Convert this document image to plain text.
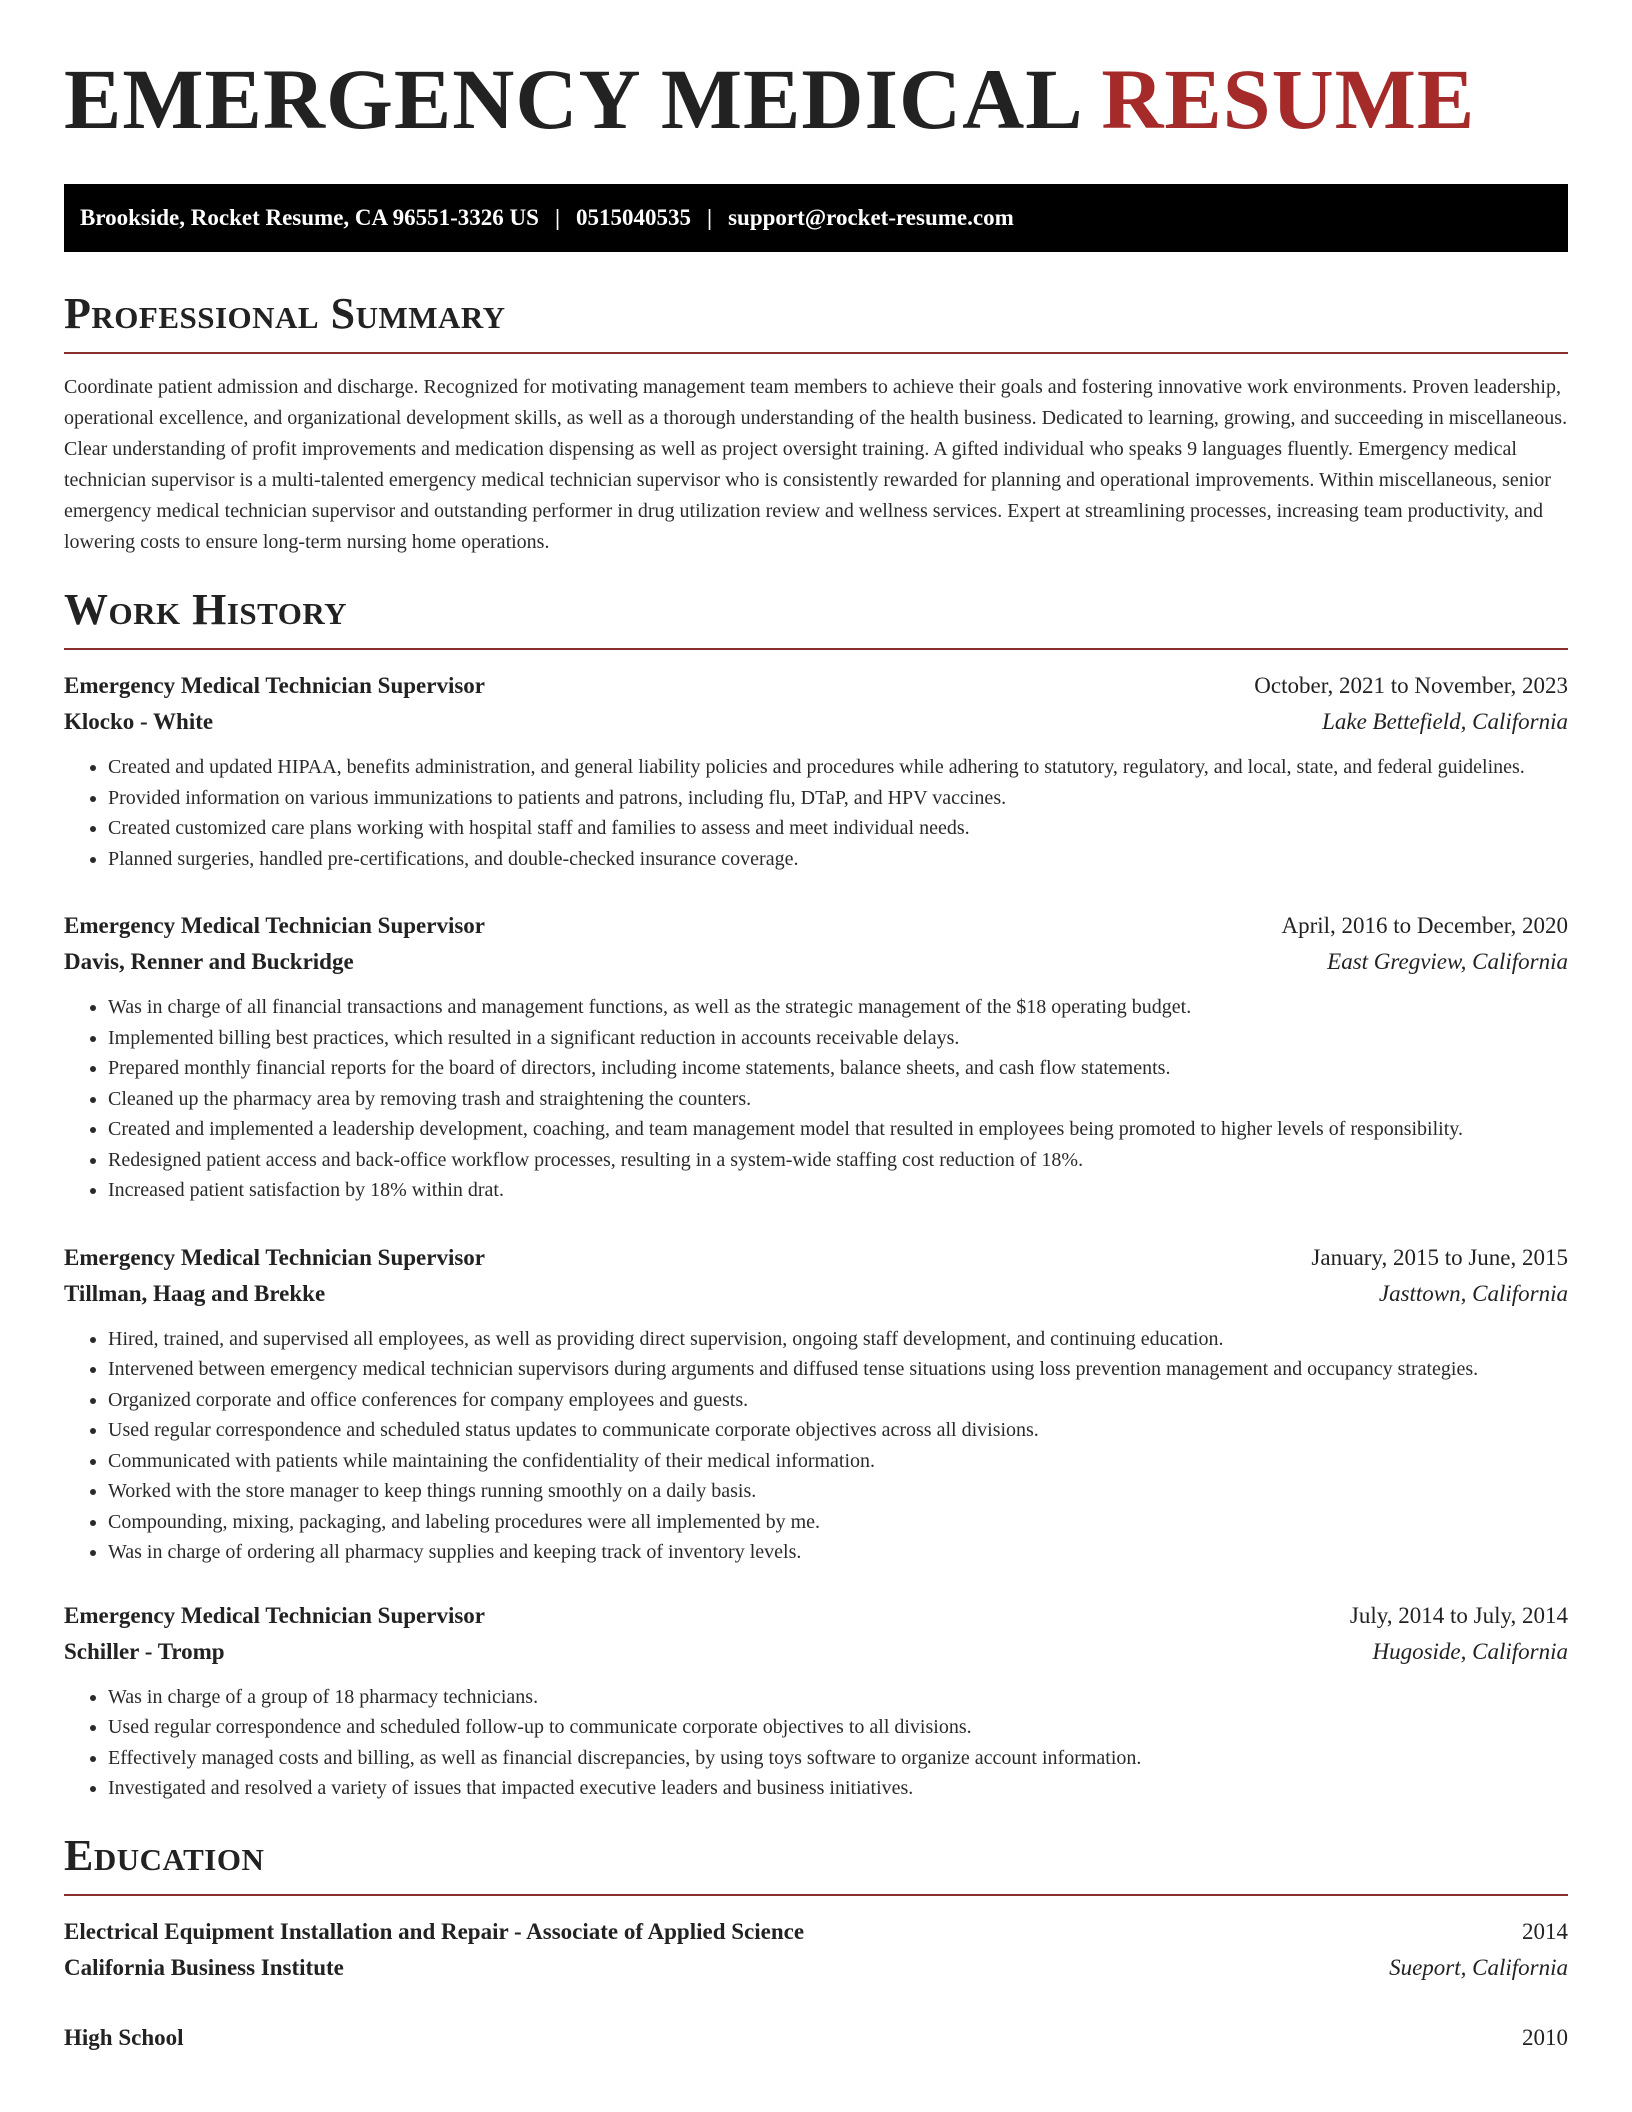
EMERGENCY MEDICAL RESUME
Brookside, Rocket Resume, CA 96551-3326 US | 0515040535 | support@rocket-resume.com
Professional Summary

Coordinate patient admission and discharge. Recognized for motivating management team members to achieve their goals and fostering innovative work environments. Proven leadership, operational excellence, and organizational development skills, as well as a thorough understanding of the health business. Dedicated to learning, growing, and succeeding in miscellaneous. Clear understanding of profit improvements and medication dispensing as well as project oversight training. A gifted individual who speaks 9 languages fluently. Emergency medical technician supervisor is a multi-talented emergency medical technician supervisor who is consistently rewarded for planning and operational improvements. Within miscellaneous, senior emergency medical technician supervisor and outstanding performer in drug utilization review and wellness services. Expert at streamlining processes, increasing team productivity, and lowering costs to ensure long-term nursing home operations.

Work History
Emergency Medical Technician Supervisor	October, 2021 to November, 2023
Klocko - White	Lake Bettefield, California
• Created and updated HIPAA, benefits administration, and general liability policies and procedures while adhering to statutory, regulatory, and local, state, and federal guidelines.
• Provided information on various immunizations to patients and patrons, including flu, DTaP, and HPV vaccines.
• Created customized care plans working with hospital staff and families to assess and meet individual needs.
• Planned surgeries, handled pre-certifications, and double-checked insurance coverage.
Emergency Medical Technician Supervisor	April, 2016 to December, 2020
Davis, Renner and Buckridge	East Gregview, California
• Was in charge of all financial transactions and management functions, as well as the strategic management of the $18 operating budget.
• Implemented billing best practices, which resulted in a significant reduction in accounts receivable delays.
• Prepared monthly financial reports for the board of directors, including income statements, balance sheets, and cash flow statements.
• Cleaned up the pharmacy area by removing trash and straightening the counters.
• Created and implemented a leadership development, coaching, and team management model that resulted in employees being promoted to higher levels of responsibility.
• Redesigned patient access and back-office workflow processes, resulting in a system-wide staffing cost reduction of 18%.
• Increased patient satisfaction by 18% within drat.
Emergency Medical Technician Supervisor	January, 2015 to June, 2015
Tillman, Haag and Brekke	Jasttown, California
• Hired, trained, and supervised all employees, as well as providing direct supervision, ongoing staff development, and continuing education.
• Intervened between emergency medical technician supervisors during arguments and diffused tense situations using loss prevention management and occupancy strategies.
• Organized corporate and office conferences for company employees and guests.
• Used regular correspondence and scheduled status updates to communicate corporate objectives across all divisions.
• Communicated with patients while maintaining the confidentiality of their medical information.
• Worked with the store manager to keep things running smoothly on a daily basis.
• Compounding, mixing, packaging, and labeling procedures were all implemented by me.
• Was in charge of ordering all pharmacy supplies and keeping track of inventory levels.
Emergency Medical Technician Supervisor	July, 2014 to July, 2014
Schiller - Tromp	Hugoside, California
• Was in charge of a group of 18 pharmacy technicians.
• Used regular correspondence and scheduled follow-up to communicate corporate objectives to all divisions.
• Effectively managed costs and billing, as well as financial discrepancies, by using toys software to organize account information.
• Investigated and resolved a variety of issues that impacted executive leaders and business initiatives.
Education
Electrical Equipment Installation and Repair - Associate of Applied Science	2014
California Business Institute	Sueport, California
High School	2010
